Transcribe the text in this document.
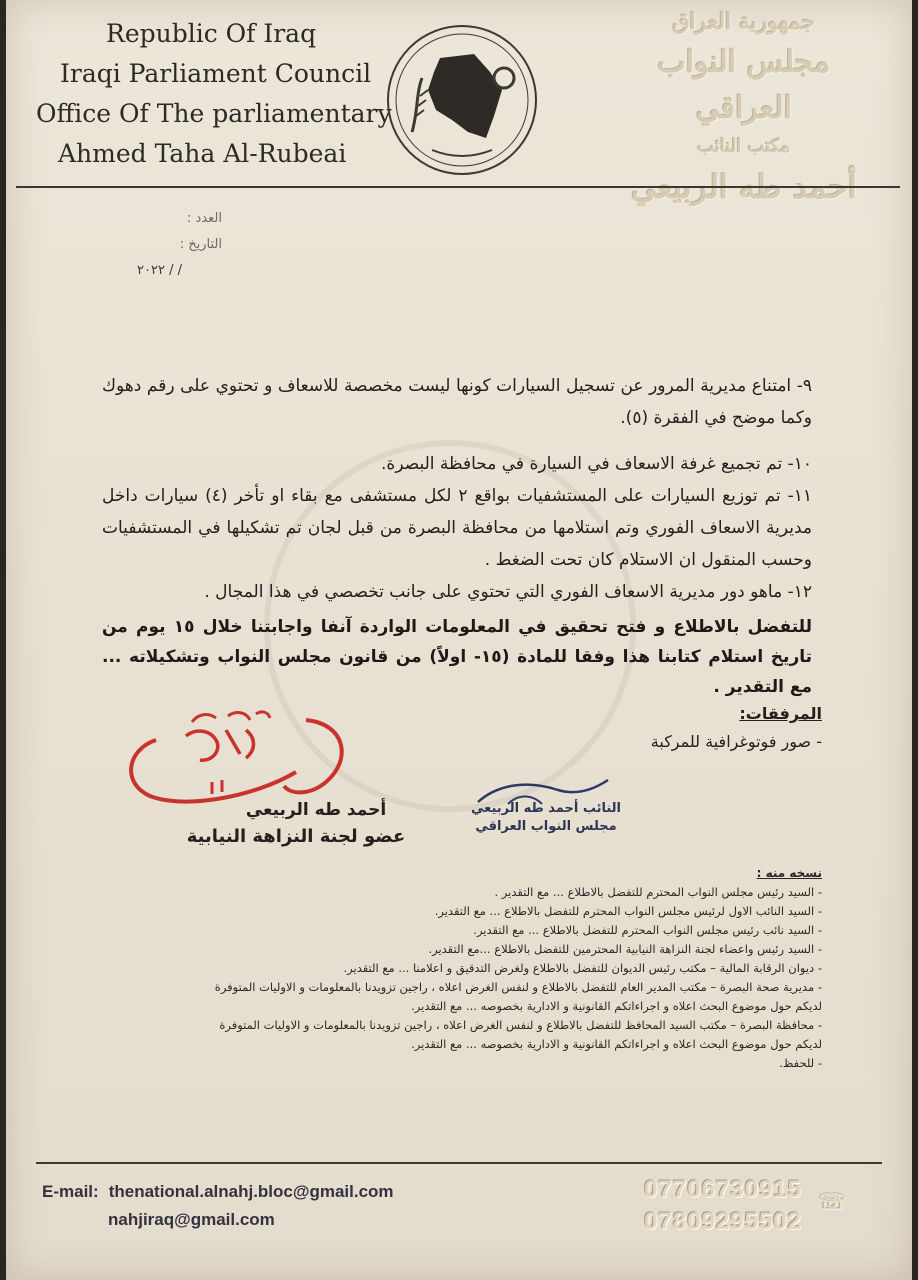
Republic Of Iraq
Iraqi Parliament Council
Office Of The parliamentary
Ahmed Taha Al-Rubeai
جمهورية العراق
مجلس النواب العراقي
مكتب النائب
أحمد طه الربيعي
العدد :
التاريخ :
/ / ٢٠٢٢

٩- امتناع مديرية المرور عن تسجيل السيارات كونها ليست مخصصة للاسعاف و تحتوي على رقم دهوك وكما موضح في الفقرة (٥).

١٠- تم تجميع غرفة الاسعاف في السيارة في محافظة البصرة.

١١- تم توزيع السيارات على المستشفيات بواقع ٢ لكل مستشفى مع بقاء او تأخر (٤) سيارات داخل مديرية الاسعاف الفوري وتم استلامها من محافظة البصرة من قبل لجان تم تشكيلها في المستشفيات وحسب المنقول ان الاستلام كان تحت الضغط .

١٢- ماهو دور مديرية الاسعاف الفوري التي تحتوي على جانب تخصصي في هذا المجال .

للتفضل بالاطلاع و فتح تحقيق في المعلومات الواردة آنفا واجابتنا خلال ١٥ يوم من تاريخ استلام كتابنا هذا وفقا للمادة (١٥- اولاً) من قانون مجلس النواب وتشكيلاته ... مع التقدير .
المرفقات:
- صور فوتوغرافية للمركبة
أحمد طه الربيعي
عضو لجنة النزاهة النيابية
النائب أحمد طه الربيعي
مجلس النواب العراقي
نسخه منه :
- السيد رئيس مجلس النواب المحترم للتفضل بالاطلاع ... مع التقدير .
- السيد النائب الاول لرئيس مجلس النواب المحترم للتفضل بالاطلاع ... مع التقدير.
- السيد نائب رئيس مجلس النواب المحترم للتفضل بالاطلاع ... مع التقدير.
- السيد رئيس واعضاء لجنة النزاهة النيابية المحترمين للتفضل بالاطلاع ...مع التقدير.
- ديوان الرقابة المالية – مكتب رئيس الديوان للتفضل بالاطلاع ولغرض التدقيق و اعلامنا ... مع التقدير.
- مديرية صحة البصرة – مكتب المدير العام للتفضل بالاطلاع و لنفس الغرض اعلاه ، راجين تزويدنا بالمعلومات و الاوليات المتوفرة
لديكم حول موضوع البحث اعلاه و اجراءاتكم القانونية و الادارية بخصوصه ... مع التقدير.
- محافظة البصرة – مكتب السيد المحافظ للتفضل بالاطلاع و لنفس الغرض اعلاه ، راجين تزويدنا بالمعلومات و الاوليات المتوفرة
لديكم حول موضوع البحث اعلاه و اجراءاتكم القانونية و الادارية بخصوصه ... مع التقدير.
- للحفظ.
E-mail: thenational.alnahj.bloc@gmail.com
nahjiraq@gmail.com
07706730915
07809295502
☏
